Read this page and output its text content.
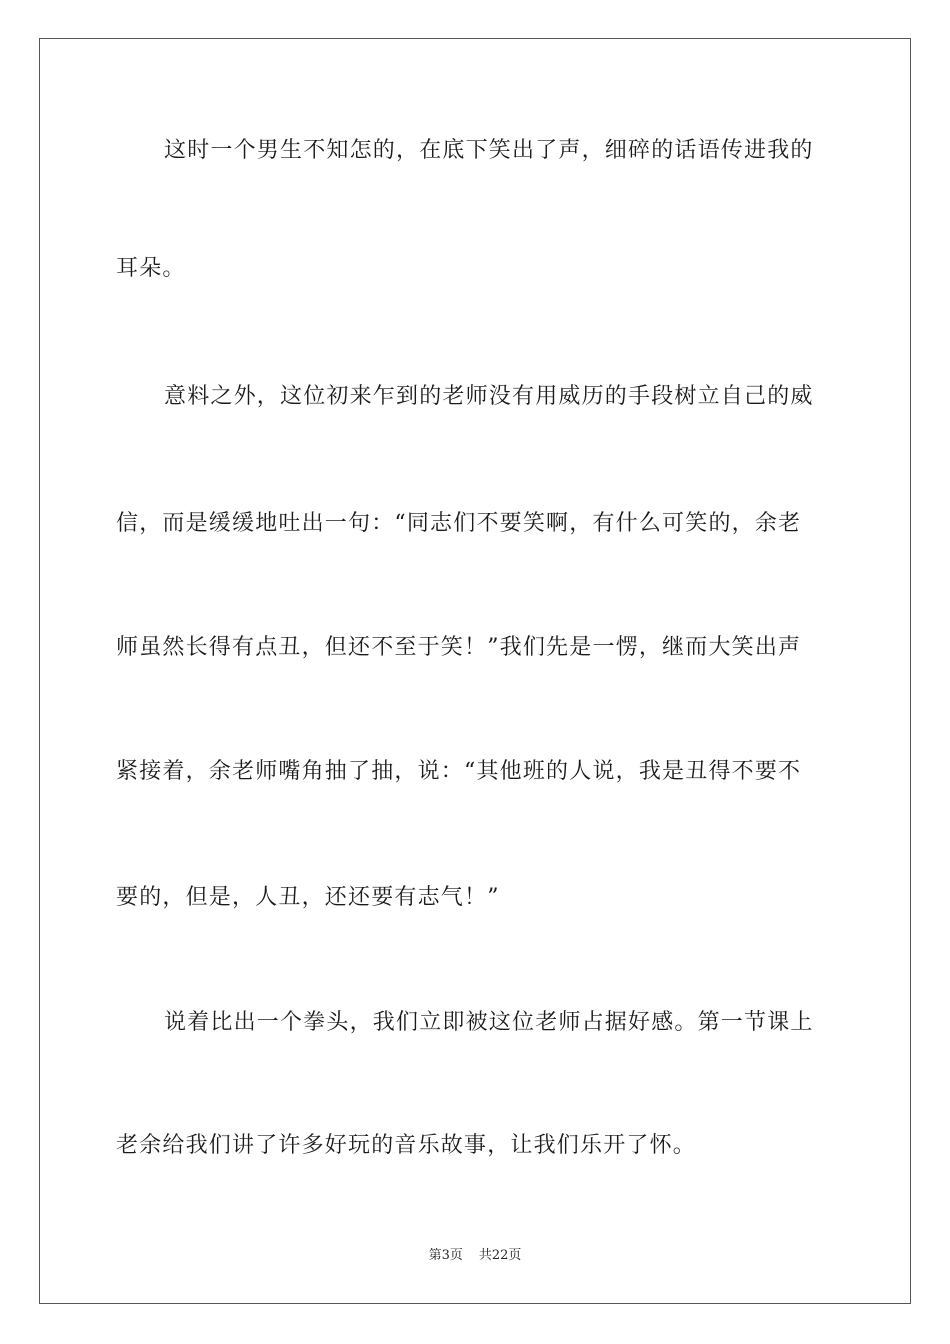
这时一个男生不知怎的，在底下笑出了声，细碎的话语传进我的
耳朵。
意料之外，这位初来乍到的老师没有用威历的手段树立自己的威
信，而是缓缓地吐出一句：“同志们不要笑啊，有什么可笑的，余老
师虽然长得有点丑，但还不至于笑！”我们先是一愣，继而大笑出声
紧接着，余老师嘴角抽了抽，说：“其他班的人说，我是丑得不要不
要的，但是，人丑，还还要有志气！”
说着比出一个拳头，我们立即被这位老师占据好感。第一节课上
老余给我们讲了许多好玩的音乐故事，让我们乐开了怀。
第3页 共22页
